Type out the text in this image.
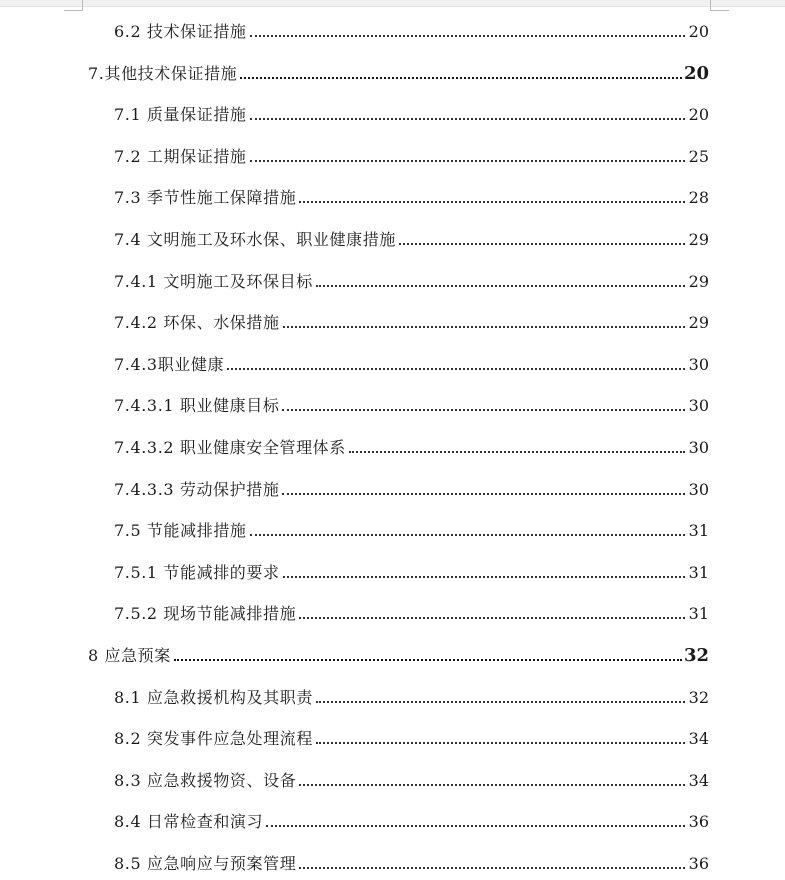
6.2 技术保证措施	20
7.其他技术保证措施	20
7.1 质量保证措施	20
7.2 工期保证措施	25
7.3 季节性施工保障措施	28
7.4 文明施工及环水保、职业健康措施	29
7.4.1 文明施工及环保目标	29
7.4.2 环保、水保措施	29
7.4.3职业健康	30
7.4.3.1 职业健康目标	30
7.4.3.2 职业健康安全管理体系	30
7.4.3.3 劳动保护措施	30
7.5 节能减排措施	31
7.5.1 节能减排的要求	31
7.5.2 现场节能减排措施	31
8 应急预案	32
8.1 应急救援机构及其职责	32
8.2 突发事件应急处理流程	34
8.3 应急救援物资、设备	34
8.4 日常检查和演习	36
8.5 应急响应与预案管理	36
